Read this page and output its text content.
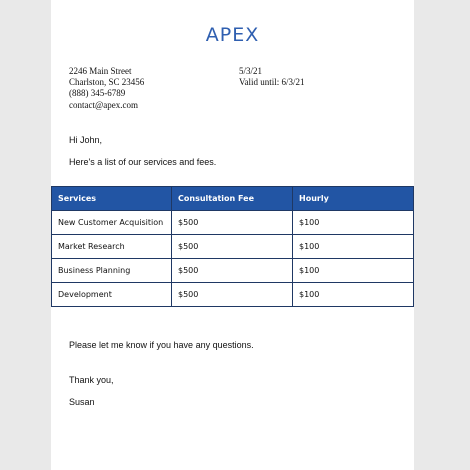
APEX
2246 Main Street
Charlston, SC 23456
(888) 345-6789
contact@apex.com
5/3/21
Valid until: 6/3/21
Hi John,
Here's a list of our services and fees.
Services	Consultation Fee	Hourly
New Customer Acquisition	$500	$100
Market Research	$500	$100
Business Planning	$500	$100
Development	$500	$100
Please let me know if you have any questions.
Thank you,
Susan
